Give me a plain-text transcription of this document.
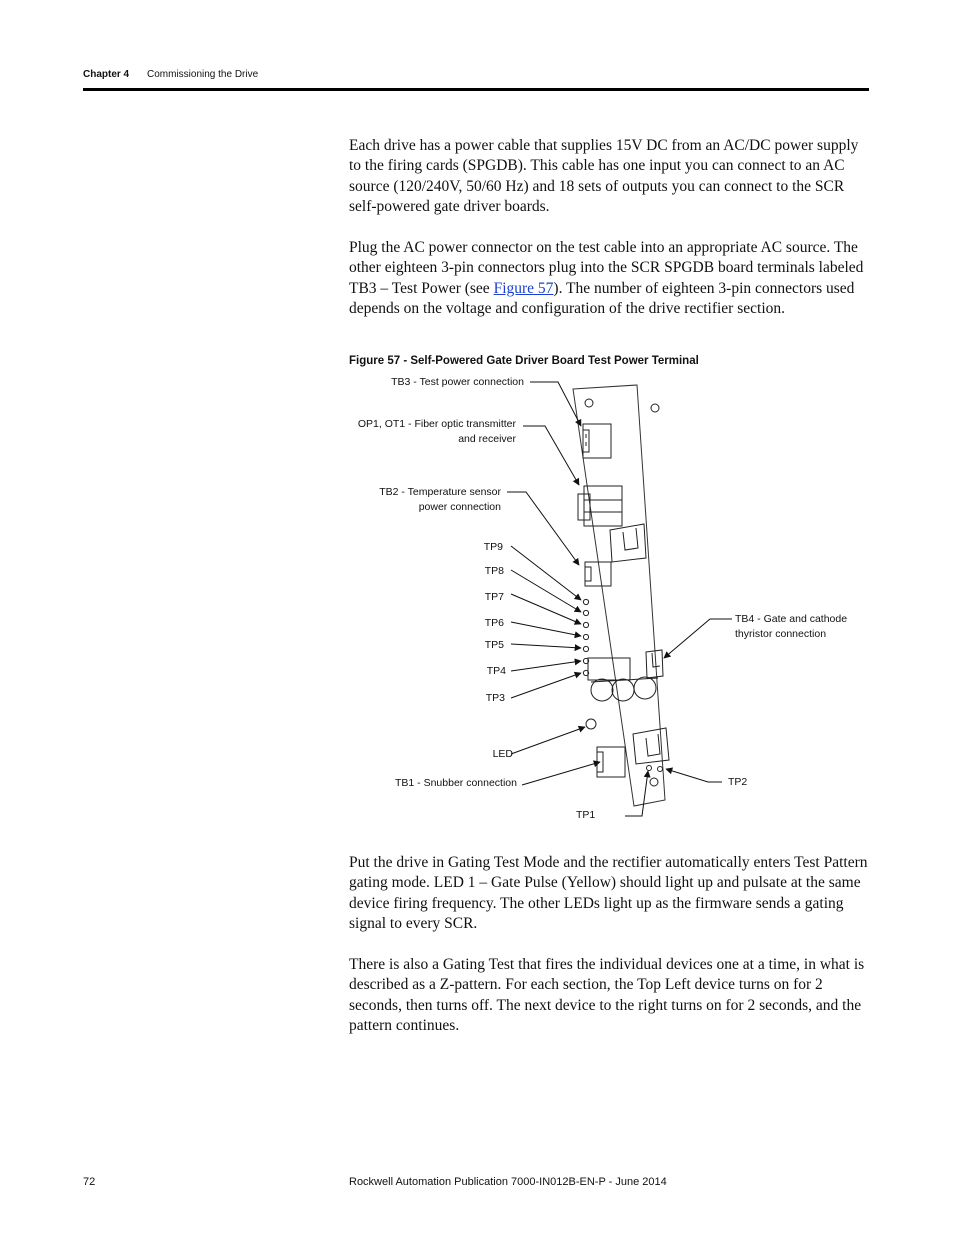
Chapter 4 Commissioning the Drive

Each drive has a power cable that supplies 15V DC from an AC/DC power supply to the firing cards (SPGDB). This cable has one input you can connect to an AC source (120/240V, 50/60 Hz) and 18 sets of outputs you can connect to the SCR self-powered gate driver boards.

Plug the AC power connector on the test cable into an appropriate AC source. The other eighteen 3-pin connectors plug into the SCR SPGDB board terminals labeled TB3 – Test Power (see Figure 57). The number of eighteen 3-pin connectors used depends on the voltage and configuration of the drive rectifier section.

Figure 57 - Self-Powered Gate Driver Board Test Power Terminal

TB3 - Test power connection
OP1, OT1 - Fiber optic transmitter
and receiver
TB2 - Temperature sensor
power connection
TP9
TP8
TP7
TP6
TP5
TP4
TP3
LED
TB1 - Snubber connection
TP1
TP2
TB4 - Gate and cathode
thyristor connection

Put the drive in Gating Test Mode and the rectifier automatically enters Test Pattern gating mode. LED 1 – Gate Pulse (Yellow) should light up and pulsate at the same device firing frequency. The other LEDs light up as the firmware sends a gating signal to every SCR.

There is also a Gating Test that fires the individual devices one at a time, in what is described as a Z-pattern. For each section, the Top Left device turns on for 2 seconds, then turns off. The next device to the right turns on for 2 seconds, and the pattern continues.

72	Rockwell Automation Publication 7000-IN012B-EN-P - June 2014
